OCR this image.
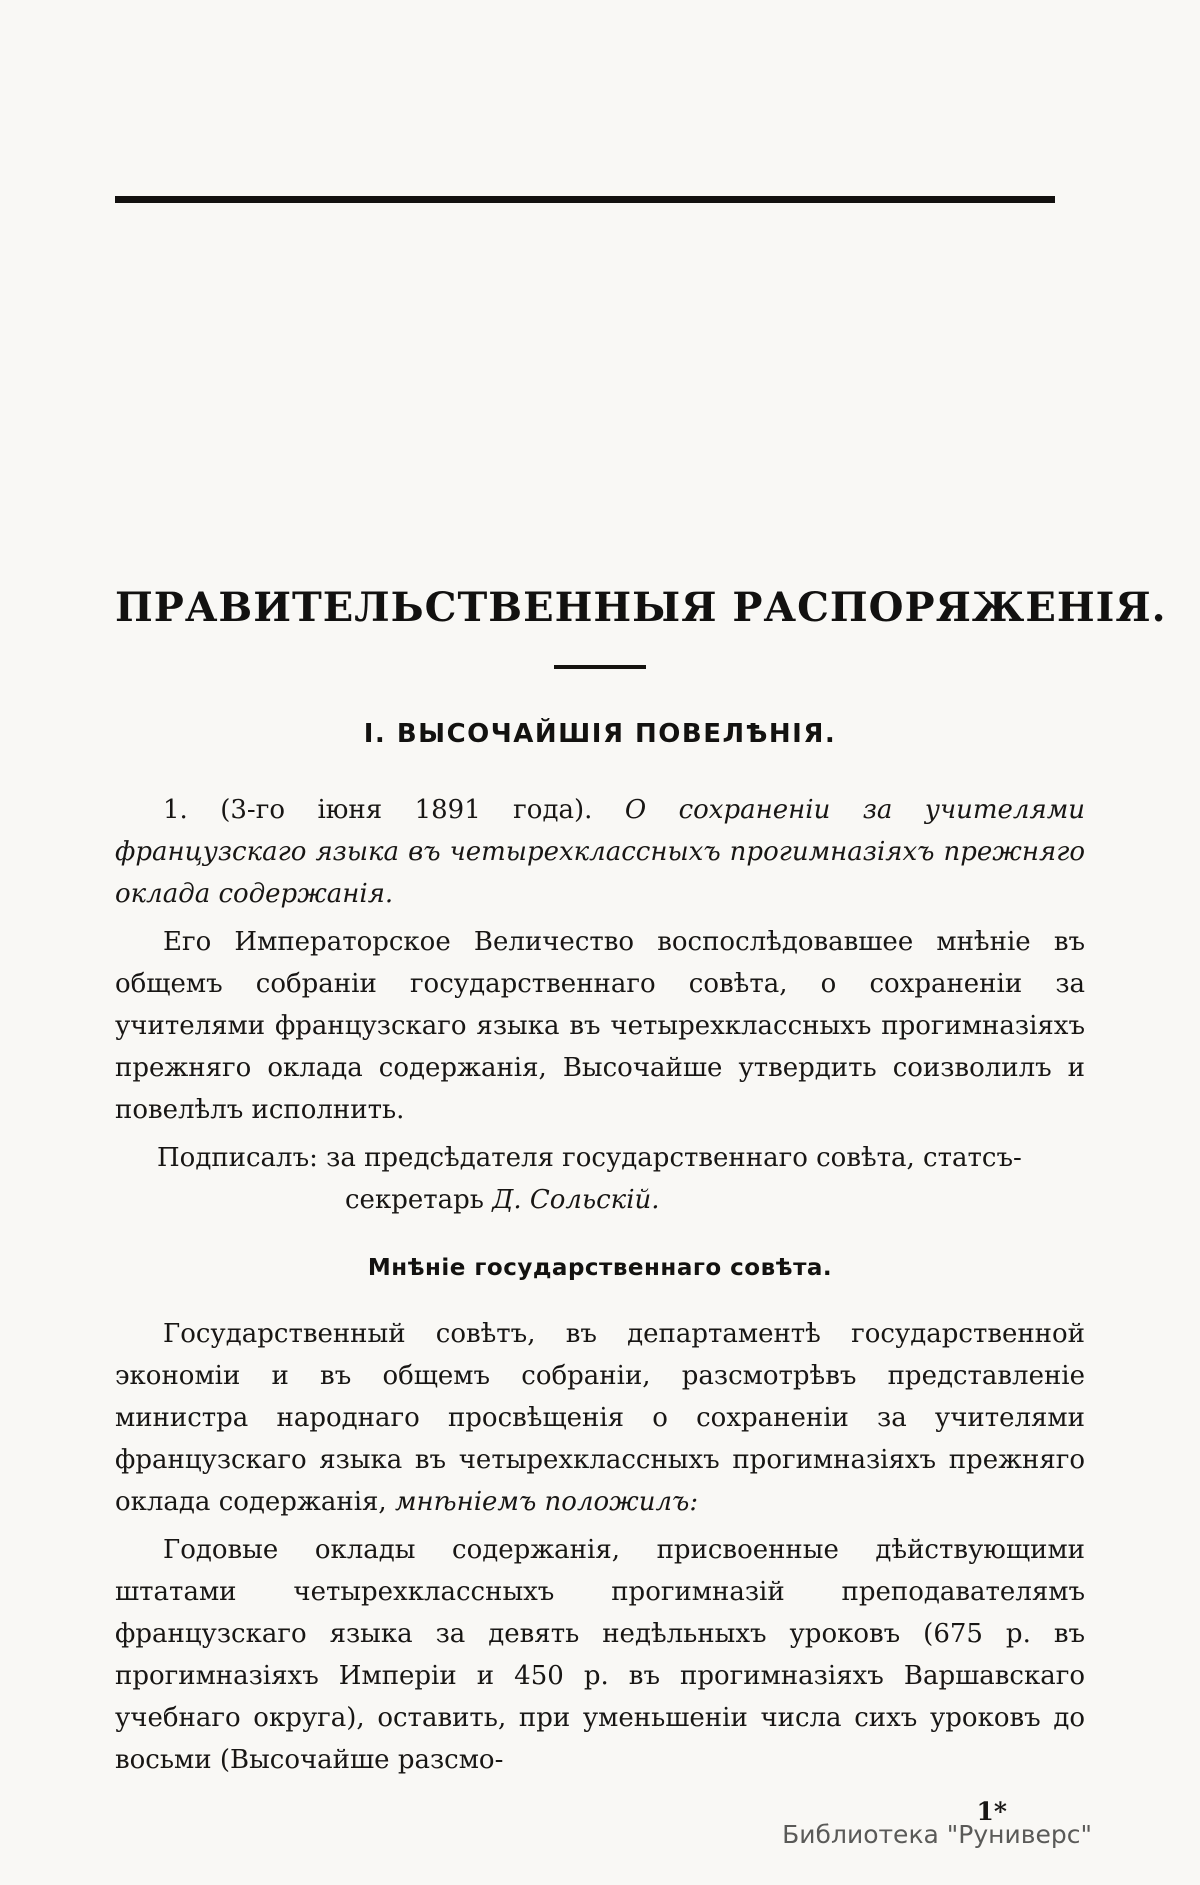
ПРАВИТЕЛЬСТВЕННЫЯ РАСПОРЯЖЕНІЯ.
І. ВЫСОЧАЙШІЯ ПОВЕЛѢНІЯ.

1. (3-го іюня 1891 года). О сохраненіи за учителями французскаго языка въ четырехклассныхъ прогимназіяхъ прежняго оклада содержанія.

Его Императорское Величество воспослѣдовавшее мнѣніе въ общемъ собраніи государственнаго совѣта, о сохраненіи за учителями французскаго языка въ четырехклассныхъ прогимназіяхъ прежняго оклада содержанія, Высочайше утвердить соизволилъ и повелѣлъ исполнить.

Подписалъ: за предсѣдателя государственнаго совѣта, статсъ-
секретарь Д. Сольскій.
Мнѣніе государственнаго совѣта.

Государственный совѣтъ, въ департаментѣ государственной экономіи и въ общемъ собраніи, разсмотрѣвъ представленіе министра народнаго просвѣщенія о сохраненіи за учителями французскаго языка въ четырехклассныхъ прогимназіяхъ прежняго оклада содержанія, мнѣніемъ положилъ:

Годовые оклады содержанія, присвоенные дѣйствующими штатами четырехклассныхъ прогимназій преподавателямъ французскаго языка за девять недѣльныхъ уроковъ (675 р. въ прогимназіяхъ Имперіи и 450 р. въ прогимназіяхъ Варшавскаго учебнаго округа), оставить, при уменьшеніи числа сихъ уроковъ до восьми (Высочайше разсмо-

1*
Библиотека "Руниверс"
